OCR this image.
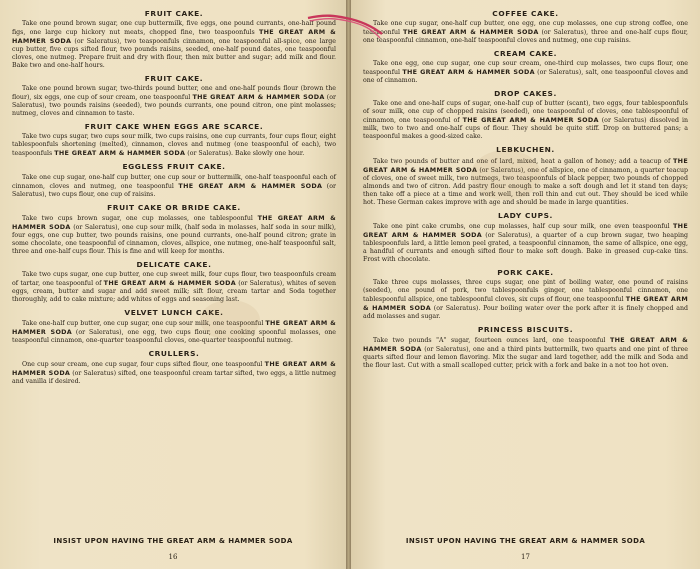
FRUIT CAKE.

Take one pound brown sugar, one cup buttermilk, five eggs, one pound currants, one-half pound figs, one large cup hickory nut meats, chopped fine, two teaspoonfuls THE GREAT ARM & HAMMER SODA (or Saleratus), two teaspoonfuls cinnamon, one teaspoonful all-spice, one large cup butter, five cups sifted flour, two pounds raisins, seeded, one-half pound dates, one teaspoonful cloves, one nutmeg. Prepare fruit and dry with flour, then mix butter and sugar; add milk and flour. Bake two and one-half hours.

FRUIT CAKE.

Take one pound brown sugar, two-thirds pound butter, one and one-half pounds flour (brown the flour), six eggs, one cup of sour cream, one teaspoonful THE GREAT ARM & HAMMER SODA (or Saleratus), two pounds raisins (seeded), two pounds currants, one pound citron, one pint molasses; nutmeg, cloves and cinnamon to taste.

FRUIT CAKE WHEN EGGS ARE SCARCE.

Take two cups sugar, two cups sour milk, two cups raisins, one cup currants, four cups flour, eight tablespoonfuls shortening (melted), cinnamon, cloves and nutmeg (one teaspoonful of each), two teaspoonfuls THE GREAT ARM & HAMMER SODA (or Saleratus). Bake slowly one hour.

EGGLESS FRUIT CAKE.

Take one cup sugar, one-half cup butter, one cup sour or buttermilk, one-half teaspoonful each of cinnamon, cloves and nutmeg, one teaspoonful THE GREAT ARM & HAMMER SODA (or Saleratus), two cups flour, one cup of raisins.

FRUIT CAKE OR BRIDE CAKE.

Take two cups brown sugar, one cup molasses, one tablespoonful THE GREAT ARM & HAMMER SODA (or Saleratus), one cup sour milk, (half soda in molasses, half soda in sour milk), four eggs, one cup butter, two pounds raisins, one pound currants, one-half pound citron; grate in some chocolate, one teaspoonful of cinnamon, cloves, allspice, one nutmeg, one-half teaspoonful salt, three and one-half cups flour. This is fine and will keep for months.

DELICATE CAKE.

Take two cups sugar, one cup butter, one cup sweet milk, four cups flour, two teaspoonfuls cream of tartar, one teaspoonful of THE GREAT ARM & HAMMER SODA (or Saleratus), whites of seven eggs, cream, butter and sugar and add sweet milk; sift flour, cream tartar and Soda together thoroughly, add to cake mixture; add whites of eggs and seasoning last.

VELVET LUNCH CAKE.

Take one-half cup butter, one cup sugar, one cup sour milk, one teaspoonful THE GREAT ARM & HAMMER SODA (or Saleratus), one egg, two cups flour, one cooking spoonful molasses, one teaspoonful cinnamon, one-quarter teaspoonful cloves, one-quarter teaspoonful nutmeg.

CRULLERS.

One cup sour cream, one cup sugar, four cups sifted flour, one teaspoonful THE GREAT ARM & HAMMER SODA (or Saleratus) sifted, one teaspoonful cream tartar sifted, two eggs, a little nutmeg and vanilla if desired.

INSIST UPON HAVING THE GREAT ARM & HAMMER SODA
16
COFFEE CAKE.

Take one cup sugar, one-half cup butter, one egg, one cup molasses, one cup strong coffee, one teaspoonful THE GREAT ARM & HAMMER SODA (or Saleratus), three and one-half cups flour, one teaspoonful cinnamon, one-half teaspoonful cloves and nutmeg, one cup raisins.

CREAM CAKE.

Take one egg, one cup sugar, one cup sour cream, one-third cup molasses, two cups flour, one teaspoonful THE GREAT ARM & HAMMER SODA (or Saleratus), salt, one teaspoonful cloves and one of cinnamon.

DROP CAKES.

Take one and one-half cups of sugar, one-half cup of butter (scant), two eggs, four tablespoonfuls of sour milk, one cup of chopped raisins (seeded), one teaspoonful of cloves, one tablespoonful of cinnamon, one teaspoonful of THE GREAT ARM & HAMMER SODA (or Saleratus) dissolved in milk, two to two and one-half cups of flour. They should be quite stiff. Drop on buttered pans; a teaspoonful makes a good-sized cake.

LEBKUCHEN.

Take two pounds of butter and one of lard, mixed, heat a gallon of honey; add a teacup of THE GREAT ARM & HAMMER SODA (or Saleratus), one of allspice, one of cinnamon, a quarter teacup of cloves, one of sweet milk, two nutmegs, two teaspoonfuls of black pepper, two pounds of chopped almonds and two of citron. Add pastry flour enough to make a soft dough and let it stand ten days; then take off a piece at a time and work well, then roll thin and cut out. They should be iced while hot. These German cakes improve with age and should be made in large quantities.

LADY CUPS.

Take one pint cake crumbs, one cup molasses, half cup sour milk, one even teaspoonful THE GREAT ARM & HAMMER SODA (or Saleratus), a quarter of a cup brown sugar, two heaping tablespoonfuls lard, a little lemon peel grated, a teaspoonful cinnamon, the same of allspice, one egg, a handful of currants and enough sifted flour to make soft dough. Bake in greased cup-cake tins. Frost with chocolate.

PORK CAKE.

Take three cups molasses, three cups sugar, one pint of boiling water, one pound of raisins (seeded), one pound of pork, two tablespoonfuls ginger, one tablespoonful cinnamon, one tablespoonful allspice, one tablespoonful cloves, six cups of flour, one teaspoonful THE GREAT ARM & HAMMER SODA (or Saleratus). Pour boiling water over the pork after it is finely chopped and add molasses and sugar.

PRINCESS BISCUITS.

Take two pounds "A" sugar, fourteen ounces lard, one teaspoonful THE GREAT ARM & HAMMER SODA (or Saleratus), one and a third pints buttermilk, two quarts and one pint of three quarts sifted flour and lemon flavoring. Mix the sugar and lard together, add the milk and Soda and the flour last. Cut with a small scalloped cutter, prick with a fork and bake in a not too hot oven.

INSIST UPON HAVING THE GREAT ARM & HAMMER SODA
17
